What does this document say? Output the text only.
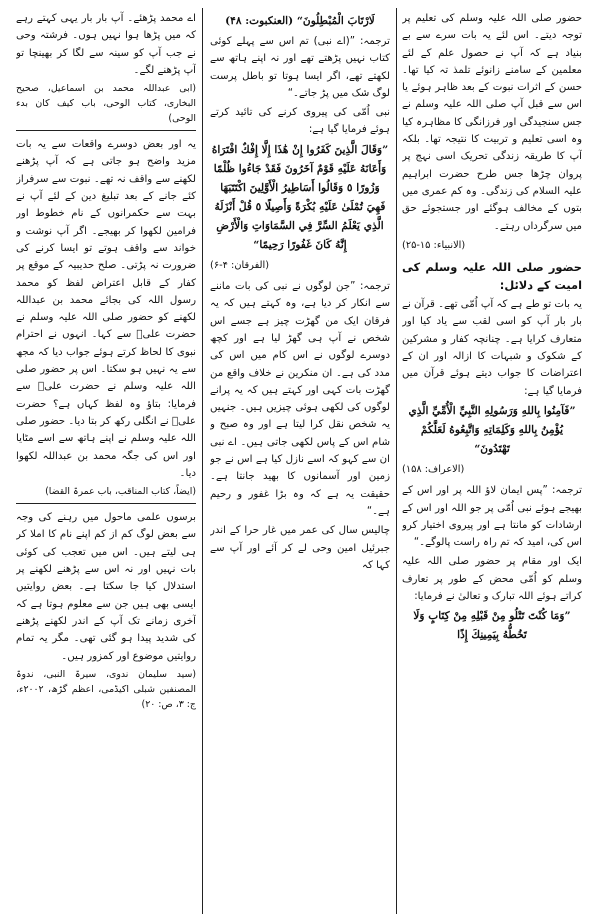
حضور صلی اللہ علیہ وسلم کی تعلیم پر توجہ دیتے۔ اس لئے یہ بات سرے سے بے بنیاد ہے کہ آپ نے حصول علم کے لئے معلمین کے سامنے زانوئے تلمذ تہ کیا تھا۔ حسن کے اثرات نبوت کے بعد ظاہر ہوئے یا اس سے قبل آپ صلی اللہ علیہ وسلم نے جس سنجیدگی اور فرزانگی کا مظاہرہ کیا وہ اسی تعلیم و تربیت کا نتیجہ تھا۔ بلکہ آپ کا طریقہ زندگی تحریک اسی نہج پر پروان چڑھا جس طرح حضرت ابراہیم علیہ السلام کی زندگی۔ وہ کم عمری میں بتوں کے مخالف ہوگئے اور جستجوئے حق میں سرگرداں رہتے۔

(الانبیاء: ۱۵-۲۵)

حضور صلی اللہ علیہ وسلم کی امیت کے دلائل:

یہ بات تو طے ہے کہ آپ اُمّی تھے۔ قرآن نے بار بار آپ کو اسی لقب سے یاد کیا اور متعارف کرایا ہے۔ چنانچہ کفار و مشرکین کے شکوک و شبہات کا ازالہ اور ان کے اعتراضات کا جواب دیتے ہوئے قرآن میں فرمایا گیا ہے:

”فَآمِنُوا بِاللهِ وَرَسُولِهِ النَّبِيِّ الْأُمِّيِّ الَّذِي يُؤْمِنُ بِاللهِ وَكَلِمَاتِهِ وَاتَّبِعُوهُ لَعَلَّكُمْ تَهْتَدُونَ“

(الاعراف: ۱۵۸)

ترجمہ: ”پس ایمان لاؤ اللہ پر اور اس کے بھیجے ہوئے نبی اُمّی پر جو اللہ اور اس کے ارشادات کو مانتا ہے اور پیروی اختیار کرو اس کی، امید کہ تم راہ راست پالوگے۔“

ایک اور مقام پر حضور صلی اللہ علیہ وسلم کو اُمّی محض کے طور پر تعارف کراتے ہوئے اللہ تبارک و تعالیٰ نے فرمایا:

”وَمَا كُنْتَ تَتْلُو مِنْ قَبْلِهِ مِنْ كِتَابٍ وَلَا تَخُطُّهُ بِيَمِينِكَ إِذًا

لَارْتَابَ الْمُبْطِلُونَ“ (العنکبوت: ۴۸)

ترجمہ: ”(اے نبی) تم اس سے پہلے کوئی کتاب نہیں پڑھتے تھے اور نہ اپنے ہاتھ سے لکھتے تھے، اگر ایسا ہوتا تو باطل پرست لوگ شک میں پڑ جاتے۔“

نبی اُمّی کی پیروی کرنے کی تائید کرتے ہوئے فرمایا گیا ہے:

”وَقَالَ الَّذِينَ كَفَرُوا إِنْ هَٰذَا إِلَّا إِفْكٌ افْتَرَاهُ وَأَعَانَهُ عَلَيْهِ قَوْمٌ آخَرُونَ فَقَدْ جَاءُوا ظُلْمًا وَزُورًا ٥ وَقَالُوا أَسَاطِيرُ الْأَوَّلِينَ اكْتَتَبَهَا فَهِيَ تُمْلَىٰ عَلَيْهِ بُكْرَةً وَأَصِيلًا ٥ قُلْ أَنْزَلَهُ الَّذِي يَعْلَمُ السِّرَّ فِي السَّمَاوَاتِ وَالْأَرْضِ إِنَّهُ كَانَ غَفُورًا رَحِيمًا“

(الفرقان: ۴-۶)

ترجمہ: ”جن لوگوں نے نبی کی بات ماننے سے انکار کر دیا ہے، وہ کہتے ہیں کہ یہ فرقان ایک من گھڑت چیز ہے جسے اس شخص نے آپ ہی گھڑ لیا ہے اور کچھ دوسرے لوگوں نے اس کام میں اس کی مدد کی ہے۔ ان منکرین نے خلاف واقع من گھڑت بات کہی اور کہتے ہیں کہ یہ پرانے لوگوں کی لکھی ہوئی چیزیں ہیں۔ جنہیں یہ شخص نقل کرا لیتا ہے اور وہ صبح و شام اس کے پاس لکھی جاتی ہیں۔ اے نبی ان سے کہو کہ اسے نازل کیا ہے اس نے جو زمین اور آسمانوں کا بھید جانتا ہے۔ حقیقت یہ ہے کہ وہ بڑا غفور و رحیم ہے۔“

چالیس سال کی عمر میں غار حرا کے اندر جبرئیل امین وحی لے کر آئے اور آپ سے کہا کہ

اے محمد پڑھئے۔ آپ بار بار یہی کہتے رہے کہ میں پڑھا ہوا نہیں ہوں۔ فرشتہ وحی نے جب آپ کو سینہ سے لگا کر بھینچا تو آپ پڑھنے لگے۔

(ابی عبداللہ محمد بن اسماعیل، صحیح البخاری، کتاب الوحی، باب کیف کان بدء الوحی)

یہ اور بعض دوسرے واقعات سے یہ بات مزید واضح ہو جاتی ہے کہ آپ پڑھنے لکھنے سے واقف نہ تھے۔ نبوت سے سرفراز کئے جانے کے بعد تبلیغ دین کے لئے آپ نے بہت سے حکمرانوں کے نام خطوط اور فرامین لکھوا کر بھیجے۔ اگر آپ نوشت و خواند سے واقف ہوتے تو ایسا کرنے کی ضرورت نہ پڑتی۔ صلح حدیبیہ کے موقع پر کفار کے قابل اعتراض لفظ کو محمد رسول اللہ کی بجائے محمد بن عبداللہ لکھنے کو حضور صلی اللہ علیہ وسلم نے حضرت علیؓ سے کہا۔ انہوں نے احترام نبوی کا لحاظ کرتے ہوئے جواب دیا کہ مجھ سے یہ نہیں ہو سکتا۔ اس پر حضور صلی اللہ علیہ وسلم نے حضرت علیؓ سے فرمایا: بتاؤ وہ لفظ کہاں ہے؟ حضرت علیؓ نے انگلی رکھ کر بتا دیا۔ حضور صلی اللہ علیہ وسلم نے اپنے ہاتھ سے اسے مٹایا اور اس کی جگہ محمد بن عبداللہ لکھوا دیا۔

(ایضاً، کتاب المناقب، باب عمرۃ القضا)

برسوں علمی ماحول میں رہنے کی وجہ سے بعض لوگ کم از کم اپنے نام کا املا کر ہی لیتے ہیں۔ اس میں تعجب کی کوئی بات نہیں اور نہ اس سے پڑھنے لکھنے پر استدلال کیا جا سکتا ہے۔ بعض روایتیں ایسی بھی ہیں جن سے معلوم ہوتا ہے کہ آخری زمانے تک آپ کے اندر لکھنے پڑھنے کی شدید پیدا ہو گئی تھی۔ مگر یہ تمام روایتیں موضوع اور کمزور ہیں۔

(سید سلیمان ندوی، سیرۃ النبی، ندوۃ المصنفین شبلی اکیڈمی، اعظم گڑھ، ۲۰۰۲ء، ج: ۳، ص: ۲۰)
